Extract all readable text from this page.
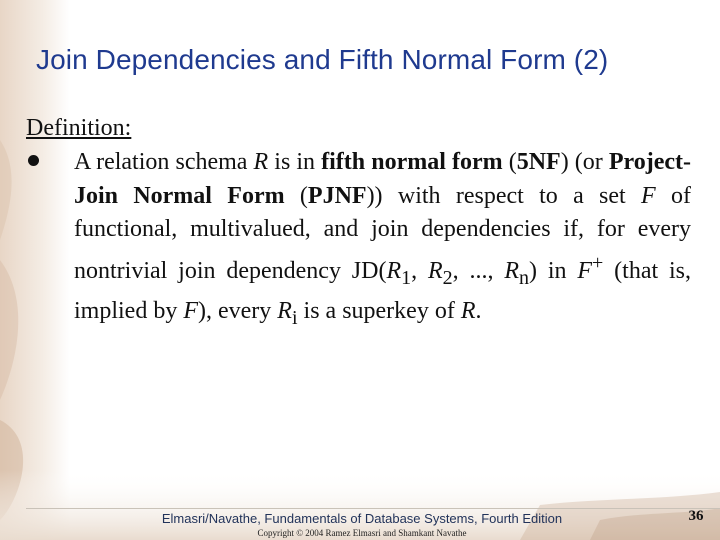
Join Dependencies and Fifth Normal Form (2)
Definition:
A relation schema R is in fifth normal form (5NF) (or Project-Join Normal Form (PJNF)) with respect to a set F of functional, multivalued, and join dependencies if, for every nontrivial join dependency $JD(R_1$, $R_2$, ..., $R_n$) in F+ (that is, implied by F), every $R_i$ is a superkey of R.
Elmasri/Navathe, Fundamentals of Database Systems, Fourth Edition
Copyright © 2004 Ramez Elmasri and Shamkant Navathe
36
